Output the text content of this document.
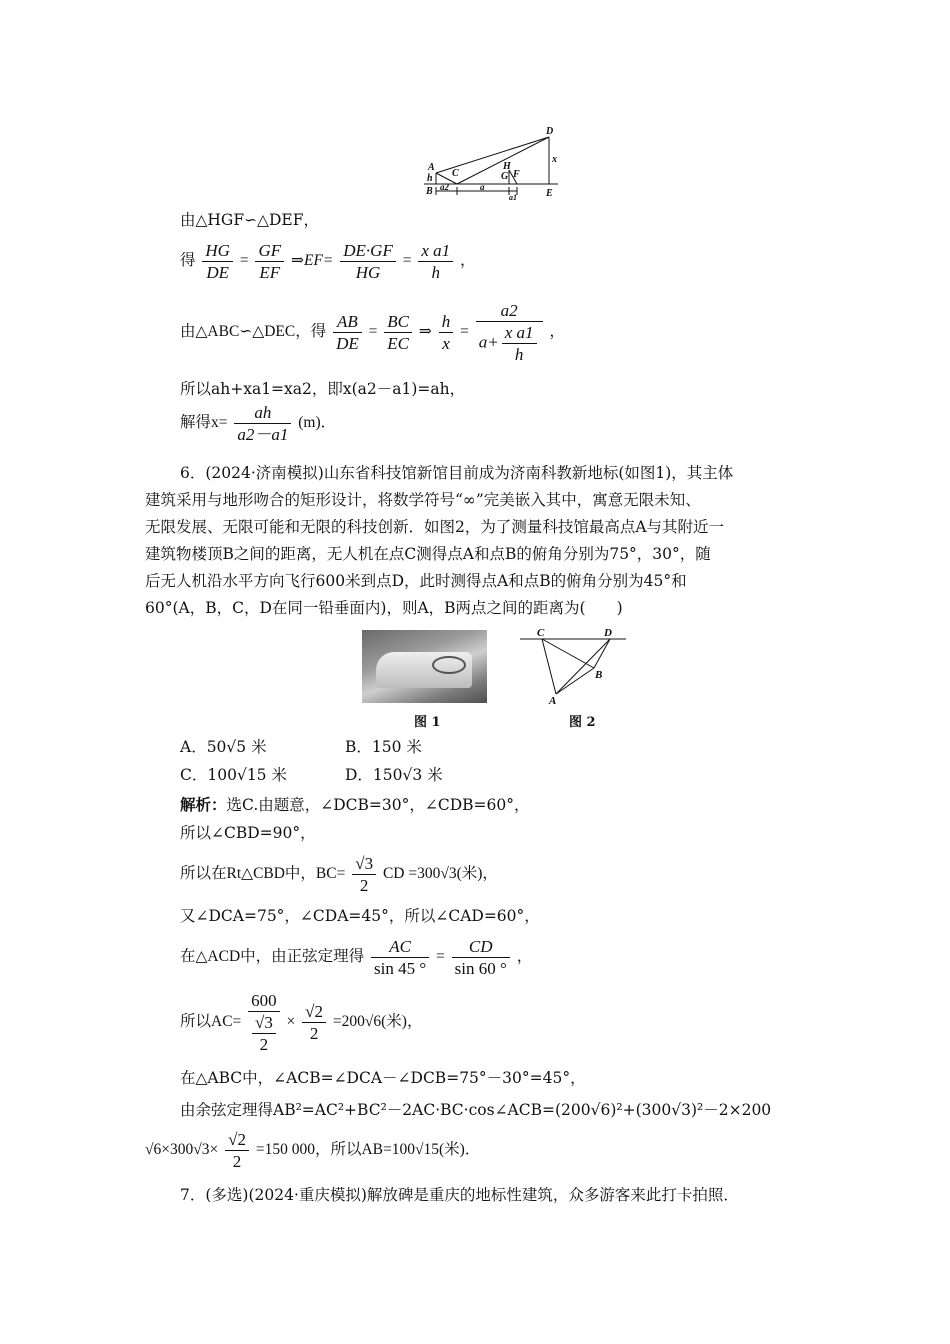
A
h
B
C	G
H
F
D
x
E
a2	a
a1
由△HGF∽△DEF，
得 $\frac{HG}{DE} = \frac{GF}{EF}$ ⇒EF= $\frac{DE\cdot GF}{HG} = \frac{\text{x a1}}{h}$ ，
由△ABC∽△DEC，得 $\frac{AB}{DE} = \frac{BC}{EC}$ ⇒ $\frac{h}{x} = \frac{a2}{a+ \frac{\text{x a1}}{h}}$ ，
所以ah+xa1=xa2，即x(a2－a1)=ah，
解得$x= \frac{ah}{a2-a1} (m)$．
6．(2024·济南模拟)山东省科技馆新馆目前成为济南科教新地标(如图1)，其主体
建筑采用与地形吻合的矩形设计，将数学符号“∞”完美嵌入其中，寓意无限未知、
无限发展、无限可能和无限的科技创新．如图2，为了测量科技馆最高点A与其附近一
建筑物楼顶B之间的距离，无人机在点C测得点A和点B的俯角分别为75°，30°，随
后无人机沿水平方向飞行600米到点D，此时测得点A和点B的俯角分别为45°和
60°(A，B，C，D在同一铅垂面内)，则A，B两点之间的距离为(　　)
图 1
C	D
B
A
图 2
A．50√5 米	B．150 米
C．100√15 米	D．150√3 米
解析：选C.由题意，∠DCB=30°，∠CDB=60°，
所以∠CBD=90°，
所以在Rt△CBD中，$BC= \frac{√3}{2}$ CD =300√3(米)，
又∠DCA=75°，∠CDA=45°，所以∠CAD=60°，
在△ACD中，由正弦定理得 $\frac{AC}{\sin 45 ^\circ} = \frac{CD}{\sin 60 ^\circ}$ ，
所以$AC= \frac{600}{\frac{√3}{2}} \times \frac{√2}{2} =200√6$(米)，
在△ABC中，∠ACB=∠DCA－∠DCB=75°－30°=45°，
由余弦定理得AB²=AC²+BC²－2AC·BC·cos∠ACB=(200√6)²+(300√3)²－2×200
$√6\times 300√3\times \frac{√2}{2} =150$ 000，所以AB=100√15(米)．
7．(多选)(2024·重庆模拟)解放碑是重庆的地标性建筑，众多游客来此打卡拍照．
